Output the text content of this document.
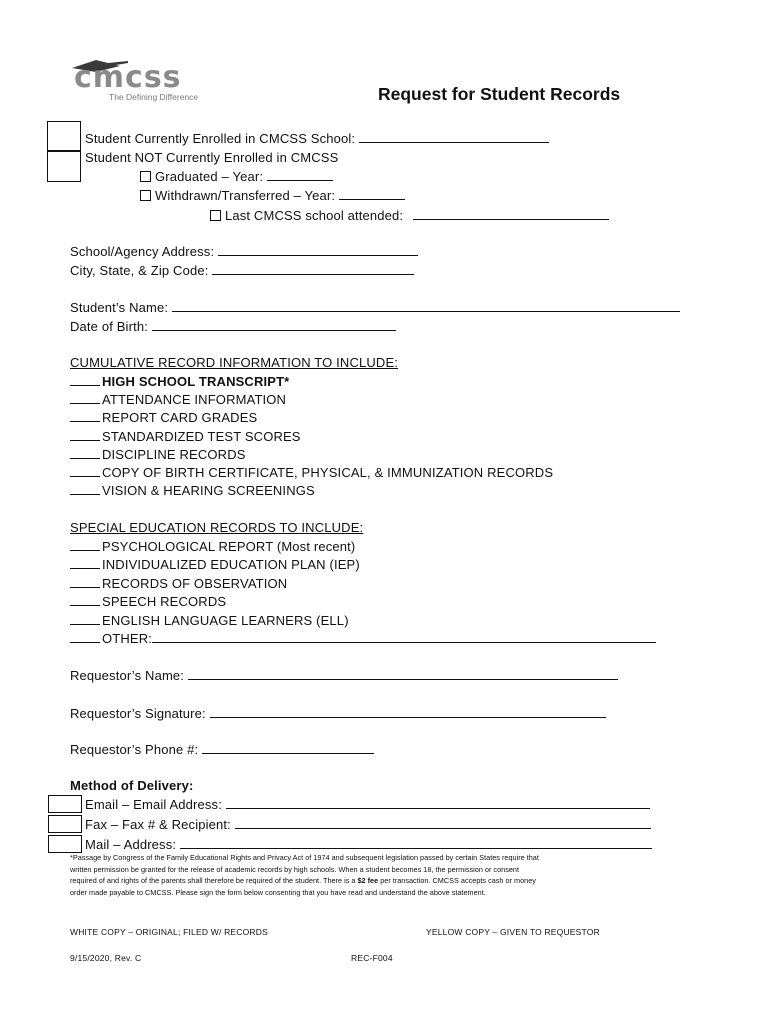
cmcss
The Defining Difference	Request for Student Records
Student Currently Enrolled in CMCSS School:
Student NOT Currently Enrolled in CMCSS
Graduated – Year:
Withdrawn/Transferred – Year:
Last CMCSS school attended:
School/Agency Address:
City, State, & Zip Code:
Student’s Name:
Date of Birth:
CUMULATIVE RECORD INFORMATION TO INCLUDE:
HIGH SCHOOL TRANSCRIPT*
ATTENDANCE INFORMATION
REPORT CARD GRADES
STANDARDIZED TEST SCORES
DISCIPLINE RECORDS
COPY OF BIRTH CERTIFICATE, PHYSICAL, & IMMUNIZATION RECORDS
VISION & HEARING SCREENINGS
SPECIAL EDUCATION RECORDS TO INCLUDE:
PSYCHOLOGICAL REPORT (Most recent)
INDIVIDUALIZED EDUCATION PLAN (IEP)
RECORDS OF OBSERVATION
SPEECH RECORDS
ENGLISH LANGUAGE LEARNERS (ELL)
OTHER:
Requestor’s Name:
Requestor’s Signature:
Requestor’s Phone #:
Method of Delivery:
Email – Email Address:
Fax – Fax # & Recipient:
Mail – Address:
*Passage by Congress of the Family Educational Rights and Privacy Act of 1974 and subsequent legislation passed by certain States require that
written permission be granted for the release of academic records by high schools. When a student becomes 18, the permission or consent
required of and rights of the parents shall therefore be required of the student. There is a $2 fee per transaction. CMCSS accepts cash or money
order made payable to CMCSS. Please sign the form below consenting that you have read and understand the above statement.
WHITE COPY – ORIGINAL; FILED W/ RECORDS	YELLOW COPY – GIVEN TO REQUESTOR
9/15/2020, Rev. C	REC-F004
